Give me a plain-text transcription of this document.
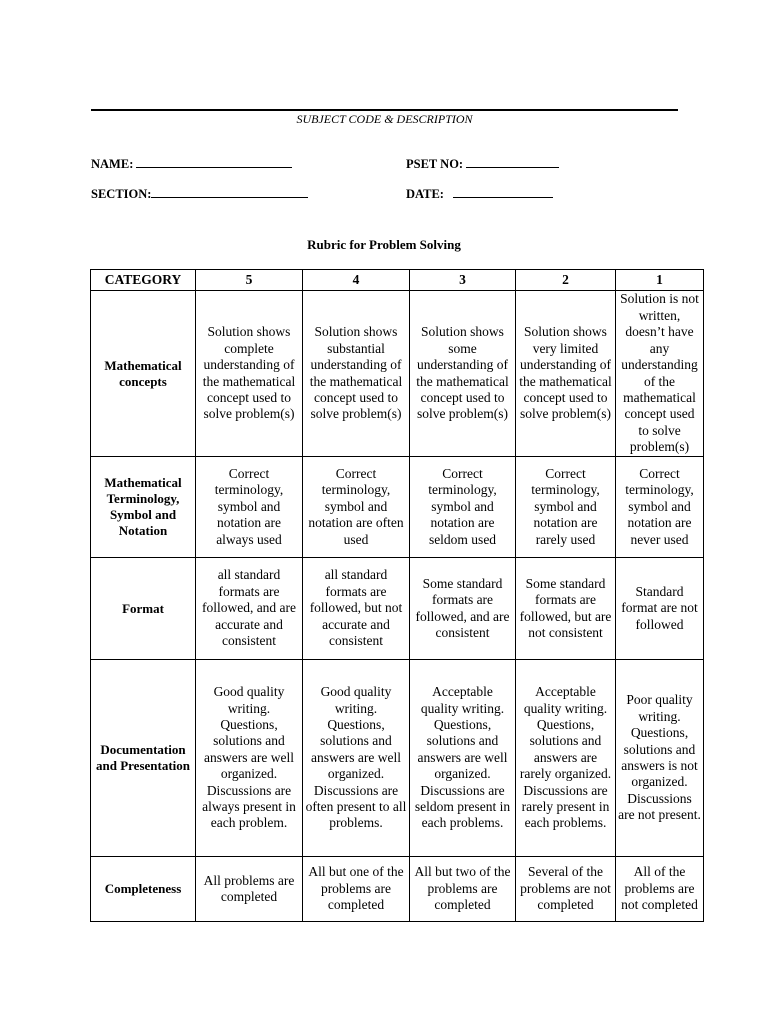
SUBJECT CODE & DESCRIPTION
NAME:	PSET NO:
SECTION:	DATE:
Rubric for Problem Solving
CATEGORY	5	4	3	2	1
Mathematical concepts	Solution shows complete understanding of the mathematical concept used to solve problem(s)	Solution shows substantial understanding of the mathematical concept used to solve problem(s)	Solution shows some understanding of the mathematical concept used to solve problem(s)	Solution shows very limited understanding of the mathematical concept used to solve problem(s)	Solution is not written, doesn’t have any understanding of the mathematical concept used to solve problem(s)
Mathematical Terminology, Symbol and Notation	Correct terminology, symbol and notation are always used	Correct terminology, symbol and notation are often used	Correct terminology, symbol and notation are seldom used	Correct terminology, symbol and notation are rarely used	Correct terminology, symbol and notation are never used
Format	all standard formats are followed, and are accurate and consistent	all standard formats are followed, but not accurate and consistent	Some standard formats are followed, and are consistent	Some standard formats are followed, but are not consistent	Standard format are not followed
Documentation and Presentation	Good quality writing. Questions, solutions and answers are well organized. Discussions are always present in each problem.	Good quality writing. Questions, solutions and answers are well organized. Discussions are often present to all problems.	Acceptable quality writing. Questions, solutions and answers are well organized. Discussions are seldom present in each problems.	Acceptable quality writing. Questions, solutions and answers are rarely organized. Discussions are rarely present in each problems.	Poor quality writing. Questions, solutions and answers is not organized. Discussions are not present.
Completeness	All problems are completed	All but one of the problems are completed	All but two of the problems are completed	Several of the problems are not completed	All of the problems are not completed
